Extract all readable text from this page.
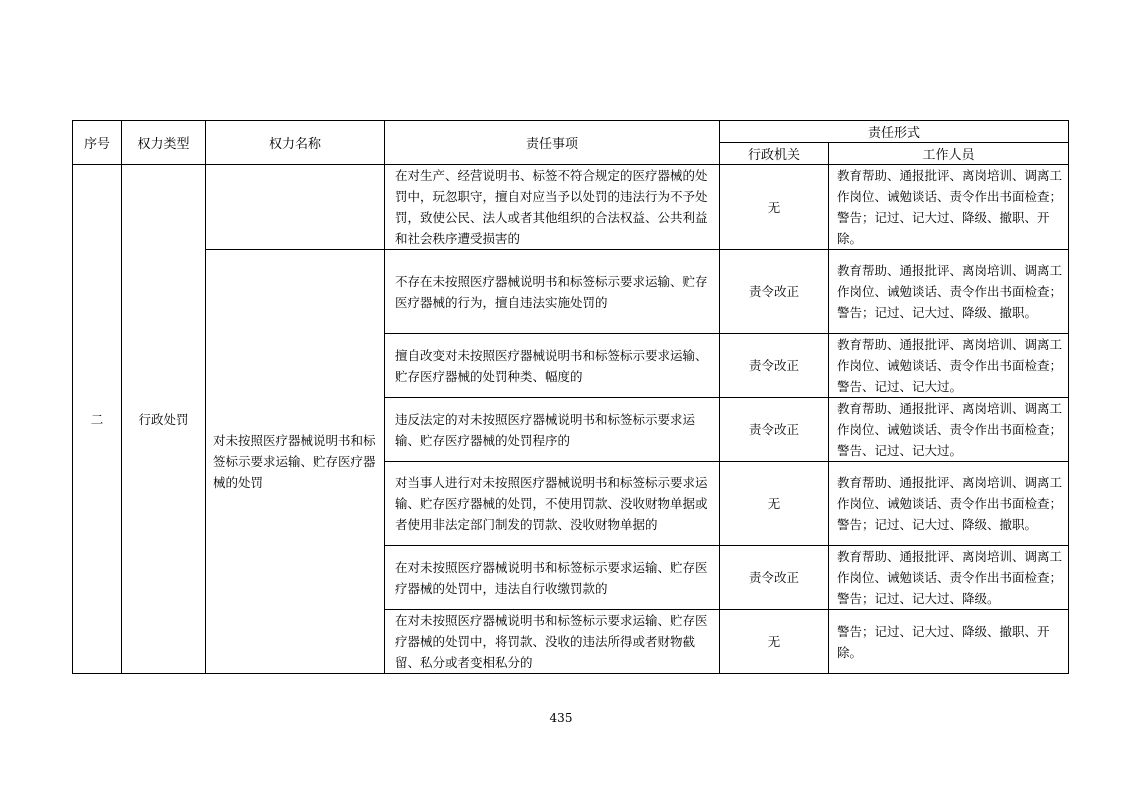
序号	权力类型	权力名称	责任事项	责任形式	
				行政机关	工作人员
二	行政处罚		在对生产、经营说明书、标签不符合规定的医疗器械的处罚中，玩忽职守，擅自对应当予以处罚的违法行为不予处罚，致使公民、法人或者其他组织的合法权益、公共利益和社会秩序遭受损害的	无	教育帮助、通报批评、离岗培训、调离工作岗位、诫勉谈话、责令作出书面检查；警告；记过、记大过、降级、撤职、开除。
		对未按照医疗器械说明书和标签标示要求运输、贮存医疗器械的处罚	不存在未按照医疗器械说明书和标签标示要求运输、贮存医疗器械的行为，擅自违法实施处罚的	责令改正	教育帮助、通报批评、离岗培训、调离工作岗位、诫勉谈话、责令作出书面检查；警告；记过、记大过、降级、撤职。
			擅自改变对未按照医疗器械说明书和标签标示要求运输、贮存医疗器械的处罚种类、幅度的	责令改正	教育帮助、通报批评、离岗培训、调离工作岗位、诫勉谈话、责令作出书面检查；警告、记过、记大过。
			违反法定的对未按照医疗器械说明书和标签标示要求运输、贮存医疗器械的处罚程序的	责令改正	教育帮助、通报批评、离岗培训、调离工作岗位、诫勉谈话、责令作出书面检查；警告、记过、记大过。
			对当事人进行对未按照医疗器械说明书和标签标示要求运输、贮存医疗器械的处罚，不使用罚款、没收财物单据或者使用非法定部门制发的罚款、没收财物单据的	无	教育帮助、通报批评、离岗培训、调离工作岗位、诫勉谈话、责令作出书面检查；警告；记过、记大过、降级、撤职。
			在对未按照医疗器械说明书和标签标示要求运输、贮存医疗器械的处罚中，违法自行收缴罚款的	责令改正	教育帮助、通报批评、离岗培训、调离工作岗位、诫勉谈话、责令作出书面检查；警告；记过、记大过、降级。
			在对未按照医疗器械说明书和标签标示要求运输、贮存医疗器械的处罚中，将罚款、没收的违法所得或者财物截留、私分或者变相私分的	无	警告；记过、记大过、降级、撤职、开除。
435
